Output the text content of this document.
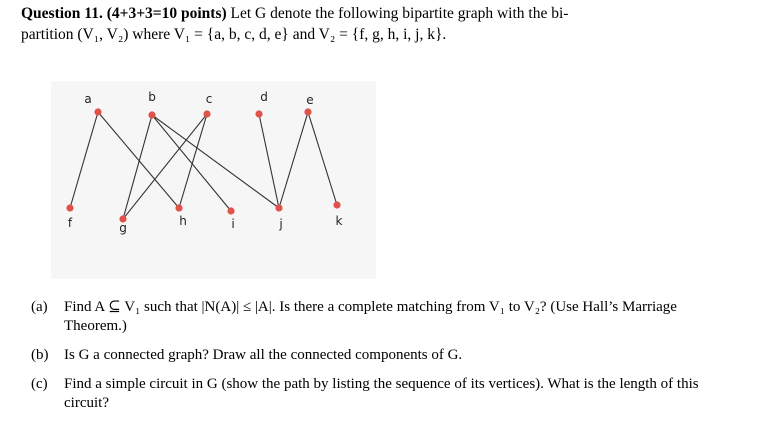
Question 11. (4+3+3=10 points) Let G denote the following bipartite graph with the bi-
partition (V₁, V₂) where V₁ = {a, b, c, d, e} and V₂ = {f, g, h, i, j, k}.
a	b	c	d	e
f	g	h	i	j	k
(a)	Find A ⊆ V₁ such that |N(A)| ≤ |A|. Is there a complete matching from V₁ to V₂? (Use Hall’s Marriage Theorem.)
(b)	Is G a connected graph? Draw all the connected components of G.
(c)	Find a simple circuit in G (show the path by listing the sequence of its vertices). What is the length of this circuit?
